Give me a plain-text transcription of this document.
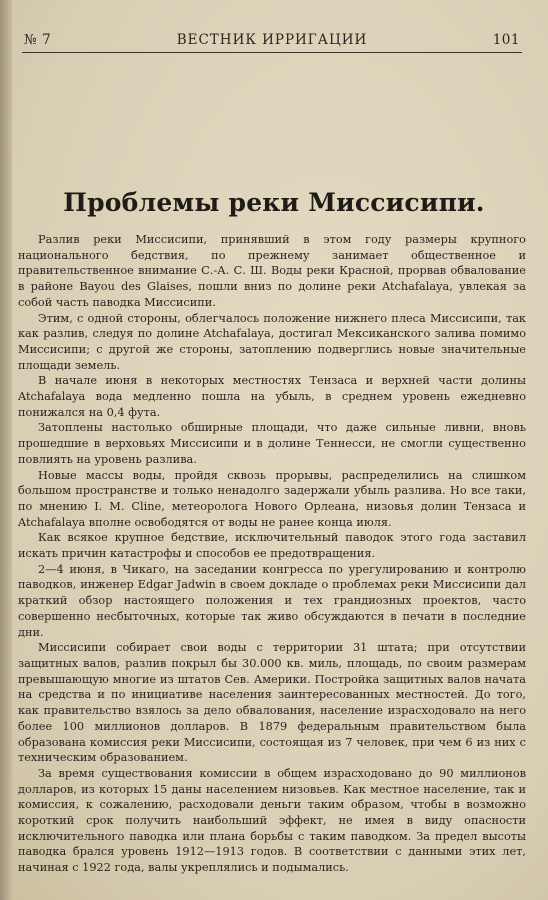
№ 7	ВЕСТНИК ИРРИГАЦИИ	101
Проблемы реки Миссисипи.

Разлив реки Миссисипи, принявший в этом году размеры крупного национального бедствия, по прежнему занимает общественное и правительственное внимание С.-А. С. Ш. Воды реки Красной, прорвав обвалование в районе Bayou des Glaises, пошли вниз по долине реки Atchafalaya, увлекая за собой часть паводка Миссисипи.

Этим, с одной стороны, облегчалось положение нижнего плеса Миссисипи, так как разлив, следуя по долине Atchafalaya, достигал Мексиканского залива помимо Миссисипи; с другой же стороны, затоплению подверглись новые значительные площади земель.

В начале июня в некоторых местностях Тензаса и верхней части долины Atchafalaya вода медленно пошла на убыль, в среднем уровень ежедневно понижался на 0,4 фута.

Затоплены настолько обширные площади, что даже сильные ливни, вновь прошедшие в верховьях Миссисипи и в долине Теннесси, не смогли существенно повлиять на уровень разлива.

Новые массы воды, пройдя сквозь прорывы, распределились на слишком большом пространстве и только ненадолго задержали убыль разлива. Но все таки, по мнению I. M. Cline, метеоролога Нового Орлеана, низовья долин Тензаса и Atchafalaya вполне освободятся от воды не ранее конца июля.

Как всякое крупное бедствие, исключительный паводок этого года заставил искать причин катастрофы и способов ее предотвращения.

2—4 июня, в Чикаго, на заседании конгресса по урегулированию и контролю паводков, инженер Edgar Jadwin в своем докладе о проблемах реки Миссисипи дал краткий обзор настоящего положения и тех грандиозных проектов, часто совершенно несбыточных, которые так живо обсуждаются в печати в последние дни.

Миссисипи собирает свои воды с территории 31 штата; при отсутствии защитных валов, разлив покрыл бы 30.000 кв. миль, площадь, по своим размерам превышающую многие из штатов Сев. Америки. Постройка защитных валов начата на средства и по инициативе населения заинтересованных местностей. До того, как правительство взялось за дело обвалования, население израсходовало на него более 100 миллионов долларов. В 1879 федеральным правительством была образована комиссия реки Миссисипи, состоящая из 7 человек, при чем 6 из них с техническим образованием.

За время существования комиссии в общем израсходовано до 90 миллионов долларов, из которых 15 даны населением низовьев. Как местное население, так и комиссия, к сожалению, расходовали деньги таким образом, чтобы в возможно короткий срок получить наибольший эффект, не имея в виду опасности исключительного паводка или плана борьбы с таким паводком. За предел высоты паводка брался уровень 1912—1913 годов. В соответствии с данными этих лет, начиная с 1922 года, валы укреплялись и подымались.
